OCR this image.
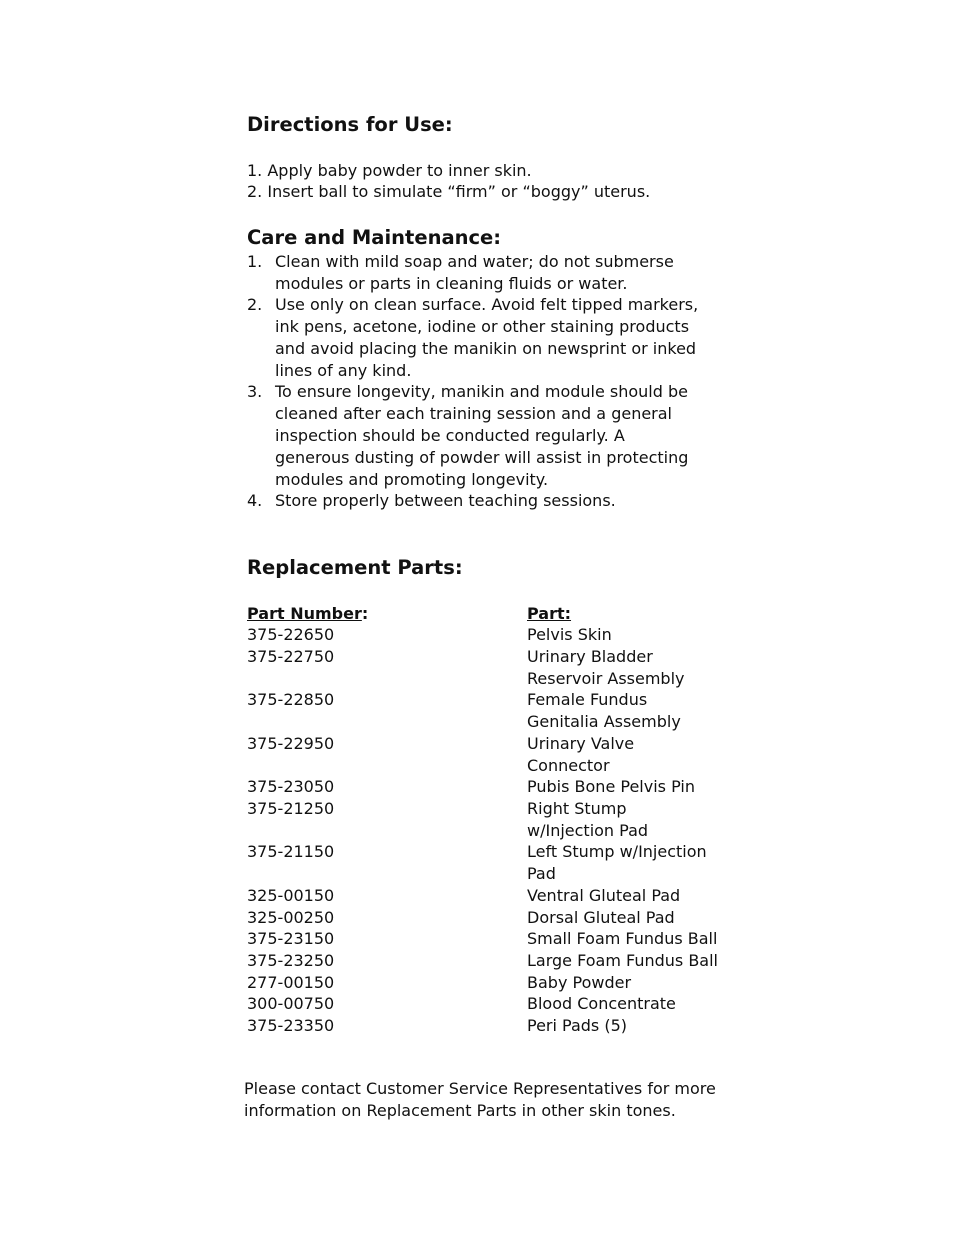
Directions for Use:
1. Apply baby powder to inner skin.
2. Insert ball to simulate “firm” or “boggy” uterus.
Care and Maintenance:
1. Clean with mild soap and water; do not submerse modules or parts in cleaning fluids or water.
2. Use only on clean surface. Avoid felt tipped markers, ink pens, acetone, iodine or other staining products and avoid placing the manikin on newsprint or inked lines of any kind.
3. To ensure longevity, manikin and module should be cleaned after each training session and a general inspection should be conducted regularly. A generous dusting of powder will assist in protecting modules and promoting longevity.
4. Store properly between teaching sessions.
Replacement Parts:
Part Number:	Part:
375-22650	Pelvis Skin
375-22750	Urinary Bladder Reservoir Assembly
375-22850	Female Fundus Genitalia Assembly
375-22950	Urinary Valve Connector
375-23050	Pubis Bone Pelvis Pin
375-21250	Right Stump w/Injection Pad
375-21150	Left Stump w/Injection Pad
325-00150	Ventral Gluteal Pad
325-00250	Dorsal Gluteal Pad
375-23150	Small Foam Fundus Ball
375-23250	Large Foam Fundus Ball
277-00150	Baby Powder
300-00750	Blood Concentrate
375-23350	Peri Pads (5)
Please contact Customer Service Representatives for more information on Replacement Parts in other skin tones.
